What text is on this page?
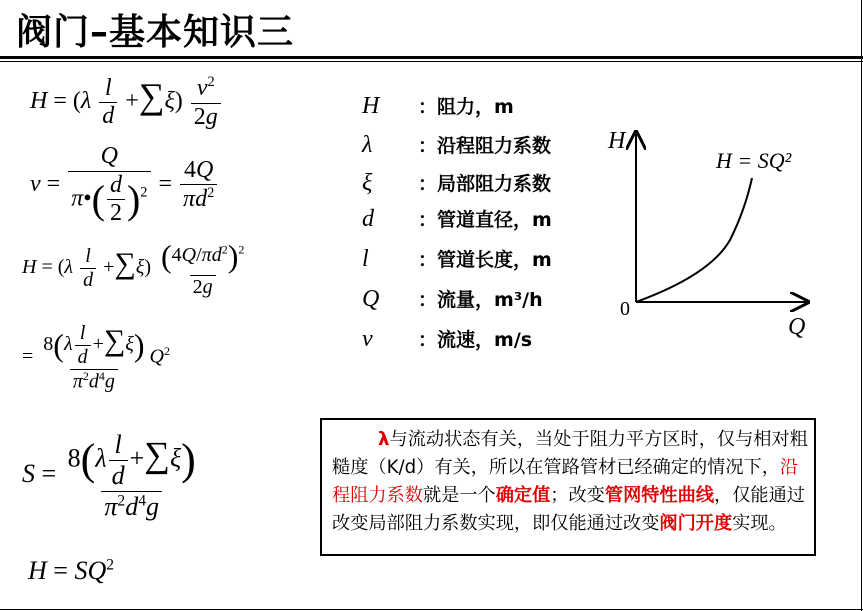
阀门–基本知识三
$H = (\lambda \frac{l}{d} +\sum\xi) \frac{v^2}{2g}$
$v = \frac{Q}{\pi•( \frac{d}{2} )^2} = \frac{4Q}{\pi d^2}$
$H = (\lambda \frac{l}{d} +\sum\xi) \frac{(4Q/\pi d^2)^2}{2g}$
= $\frac{8(\lambda \frac{l}{d} +\sum\xi)}{\pi^2d^4g} Q^2$
$S = \frac{8(\lambda \frac{l}{d} +\sum\xi)}{\pi^2d^4g}$
$H = SQ^2$
H ：阻力，m
λ ：沿程阻力系数
ξ ：局部阻力系数
d ：管道直径，m
l	：管道长度，m
Q ：流量，m³/h
v ：流速，m/s
H
Q
0
H = SQ²
λ与流动状态有关，当处于阻力平方区时，仅与相对粗糙度（K/d）有关，所以在管路管材已经确定的情况下，沿程阻力系数就是一个确定值；改变管网特性曲线，仅能通过改变局部阻力系数实现，即仅能通过改变阀门开度实现。
